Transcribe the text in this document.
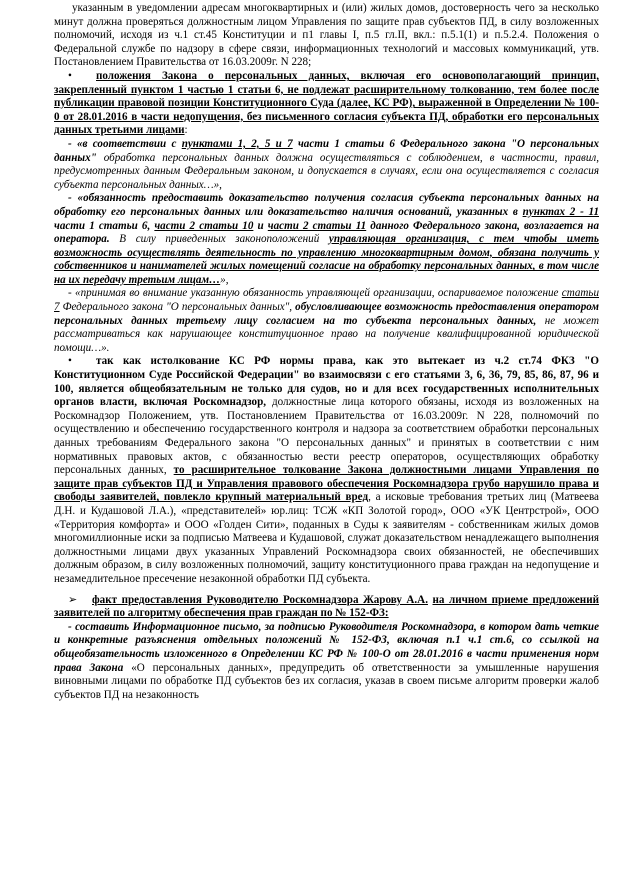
указанным в уведомлении адресам многоквартирных и (или) жилых домов, достоверность чего за несколько минут должна проверяться должностным лицом Управления по защите прав субъектов ПД, в силу возложенных полномочий, исходя из ч.1 ст.45 Конституции и п1 главы I, п.5 гл.II, вкл.: п.5.1(1) и п.5.2.4. Положения о Федеральной службе по надзору в сфере связи, информационных технологий и массовых коммуникаций, утв. Постановлением Правительства от 16.03.2009г. N 228;

• положения Закона о персональных данных, включая его основополагающий принцип, закрепленный пунктом 1 частью 1 статьи 6, не подлежат расширительному толкованию, тем более после публикации правовой позиции Конституционного Суда (далее, КС РФ), выраженной в Определении № 100-0 от 28.01.2016 в части недопущения, без письменного согласия субъекта ПД, обработки его персональных данных третьими лицами:

- «в соответствии с пунктами 1, 2, 5 и 7 части 1 статьи 6 Федерального закона "О персональных данных" обработка персональных данных должна осуществляться с соблюдением, в частности, правил, предусмотренных данным Федеральным законом, и допускается в случаях, если она осуществляется с согласия субъекта персональных данных…»,

- «обязанность предоставить доказательство получения согласия субъекта персональных данных на обработку его персональных данных или доказательство наличия оснований, указанных в пунктах 2 - 11 части 1 статьи 6, части 2 статьи 10 и части 2 статьи 11 данного Федерального закона, возлагается на оператора. В силу приведенных законоположений управляющая организация, с тем чтобы иметь возможность осуществлять деятельность по управлению многоквартирным домом, обязана получить у собственников и нанимателей жилых помещений согласие на обработку персональных данных, в том числе на их передачу третьим лицам…»,

- «принимая во внимание указанную обязанность управляющей организации, оспариваемое положение статьи 7 Федерального закона "О персональных данных", обусловливающее возможность предоставления оператором персональных данных третьему лицу согласием на то субъекта персональных данных, не может рассматриваться как нарушающее конституционное право на получение квалифицированной юридической помощи…».

• так как истолкование КС РФ нормы права, как это вытекает из ч.2 ст.74 ФКЗ "О Конституционном Суде Российской Федерации" во взаимосвязи с его статьями 3, 6, 36, 79, 85, 86, 87, 96 и 100, является общеобязательным не только для судов, но и для всех государственных исполнительных органов власти, включая Роскомнадзор, должностные лица которого обязаны, исходя из возложенных на Роскомнадзор Положением, утв. Постановлением Правительства от 16.03.2009г. N 228, полномочий по осуществлению и обеспечению государственного контроля и надзора за соответствием обработки персональных данных требованиям Федерального закона "О персональных данных" и принятых в соответствии с ним нормативных правовых актов, с обязанностью вести реестр операторов, осуществляющих обработку персональных данных, то расширительное толкование Закона должностными лицами Управления по защите прав субъектов ПД и Управления правового обеспечения Роскомнадзора грубо нарушило права и свободы заявителей, повлекло крупный материальный вред, а исковые требования третьих лиц (Матвеева Д.Н. и Кудашовой Л.А.), «представителей» юр.лиц: ТСЖ «КП Золотой город», ООО «УК Центрстрой», ООО «Территория комфорта» и ООО «Голден Сити», поданных в Суды к заявителям - собственникам жилых домов многомиллионные иски за подписью Матвеева и Кудашовой, служат доказательством ненадлежащего выполнения должностными лицами двух указанных Управлений Роскомнадзора своих обязанностей, не обеспечивших должным образом, в силу возложенных полномочий, защиту конституционного права граждан на недопущение и незамедлительное пресечение незаконной обработки ПД субъекта.

➢ факт предоставления Руководителю Роскомнадзора Жарову А.А. на личном приеме предложений заявителей по алгоритму обеспечения прав граждан по № 152-ФЗ:

- составить Информационное письмо, за подписью Руководителя Роскомнадзора, в котором дать четкие и конкретные разъяснения отдельных положений № 152-ФЗ, включая п.1 ч.1 ст.6, со ссылкой на общеобязательность изложенного в Определении КС РФ № 100-О от 28.01.2016 в части применения норм права Закона «О персональных данных», предупредить об ответственности за умышленные нарушения виновными лицами по обработке ПД субъектов без их согласия, указав в своем письме алгоритм проверки жалоб субъектов ПД на незаконность
